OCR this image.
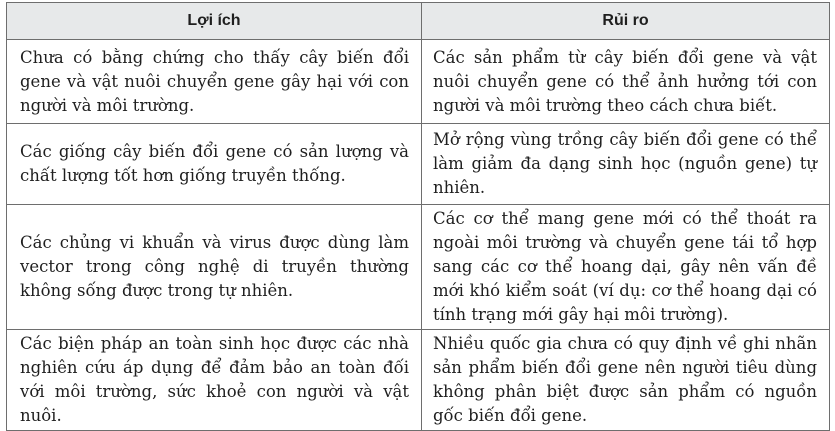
Lợi ích	Rủi ro
Chưa có bằng chứng cho thấy cây biến đổi gene và vật nuôi chuyển gene gây hại với con người và môi trường.	Các sản phẩm từ cây biến đổi gene và vật nuôi chuyển gene có thể ảnh hưởng tới con người và môi trường theo cách chưa biết.
Các giống cây biến đổi gene có sản lượng và chất lượng tốt hơn giống truyền thống.	Mở rộng vùng trồng cây biến đổi gene có thể làm giảm đa dạng sinh học (nguồn gene) tự nhiên.
Các chủng vi khuẩn và virus được dùng làm vector trong công nghệ di truyền thường không sống được trong tự nhiên.	Các cơ thể mang gene mới có thể thoát ra ngoài môi trường và chuyển gene tái tổ hợp sang các cơ thể hoang dại, gây nên vấn đề mới khó kiểm soát (ví dụ: cơ thể hoang dại có tính trạng mới gây hại môi trường).
Các biện pháp an toàn sinh học được các nhà nghiên cứu áp dụng để đảm bảo an toàn đối với môi trường, sức khoẻ con người và vật nuôi.	Nhiều quốc gia chưa có quy định về ghi nhãn sản phẩm biến đổi gene nên người tiêu dùng không phân biệt được sản phẩm có nguồn gốc biến đổi gene.
